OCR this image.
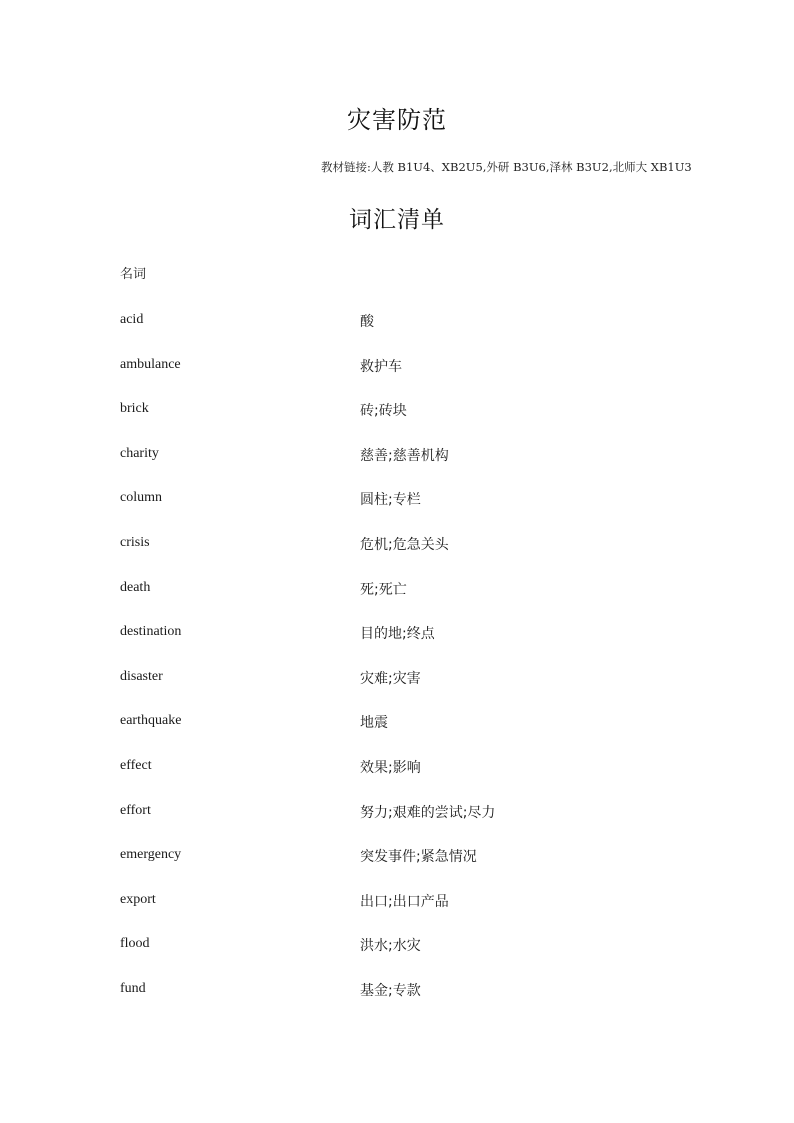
灾害防范
教材链接:人教 B1U4、XB2U5,外研 B3U6,泽林 B3U2,北师大 XB1U3
词汇清单
名词
acid	酸
ambulance	救护车
brick	砖;砖块
charity	慈善;慈善机构
column	圆柱;专栏
crisis	危机;危急关头
death	死;死亡
destination	目的地;终点
disaster	灾难;灾害
earthquake	地震
effect	效果;影响
effort	努力;艰难的尝试;尽力
emergency	突发事件;紧急情况
export	出口;出口产品
flood	洪水;水灾
fund	基金;专款
